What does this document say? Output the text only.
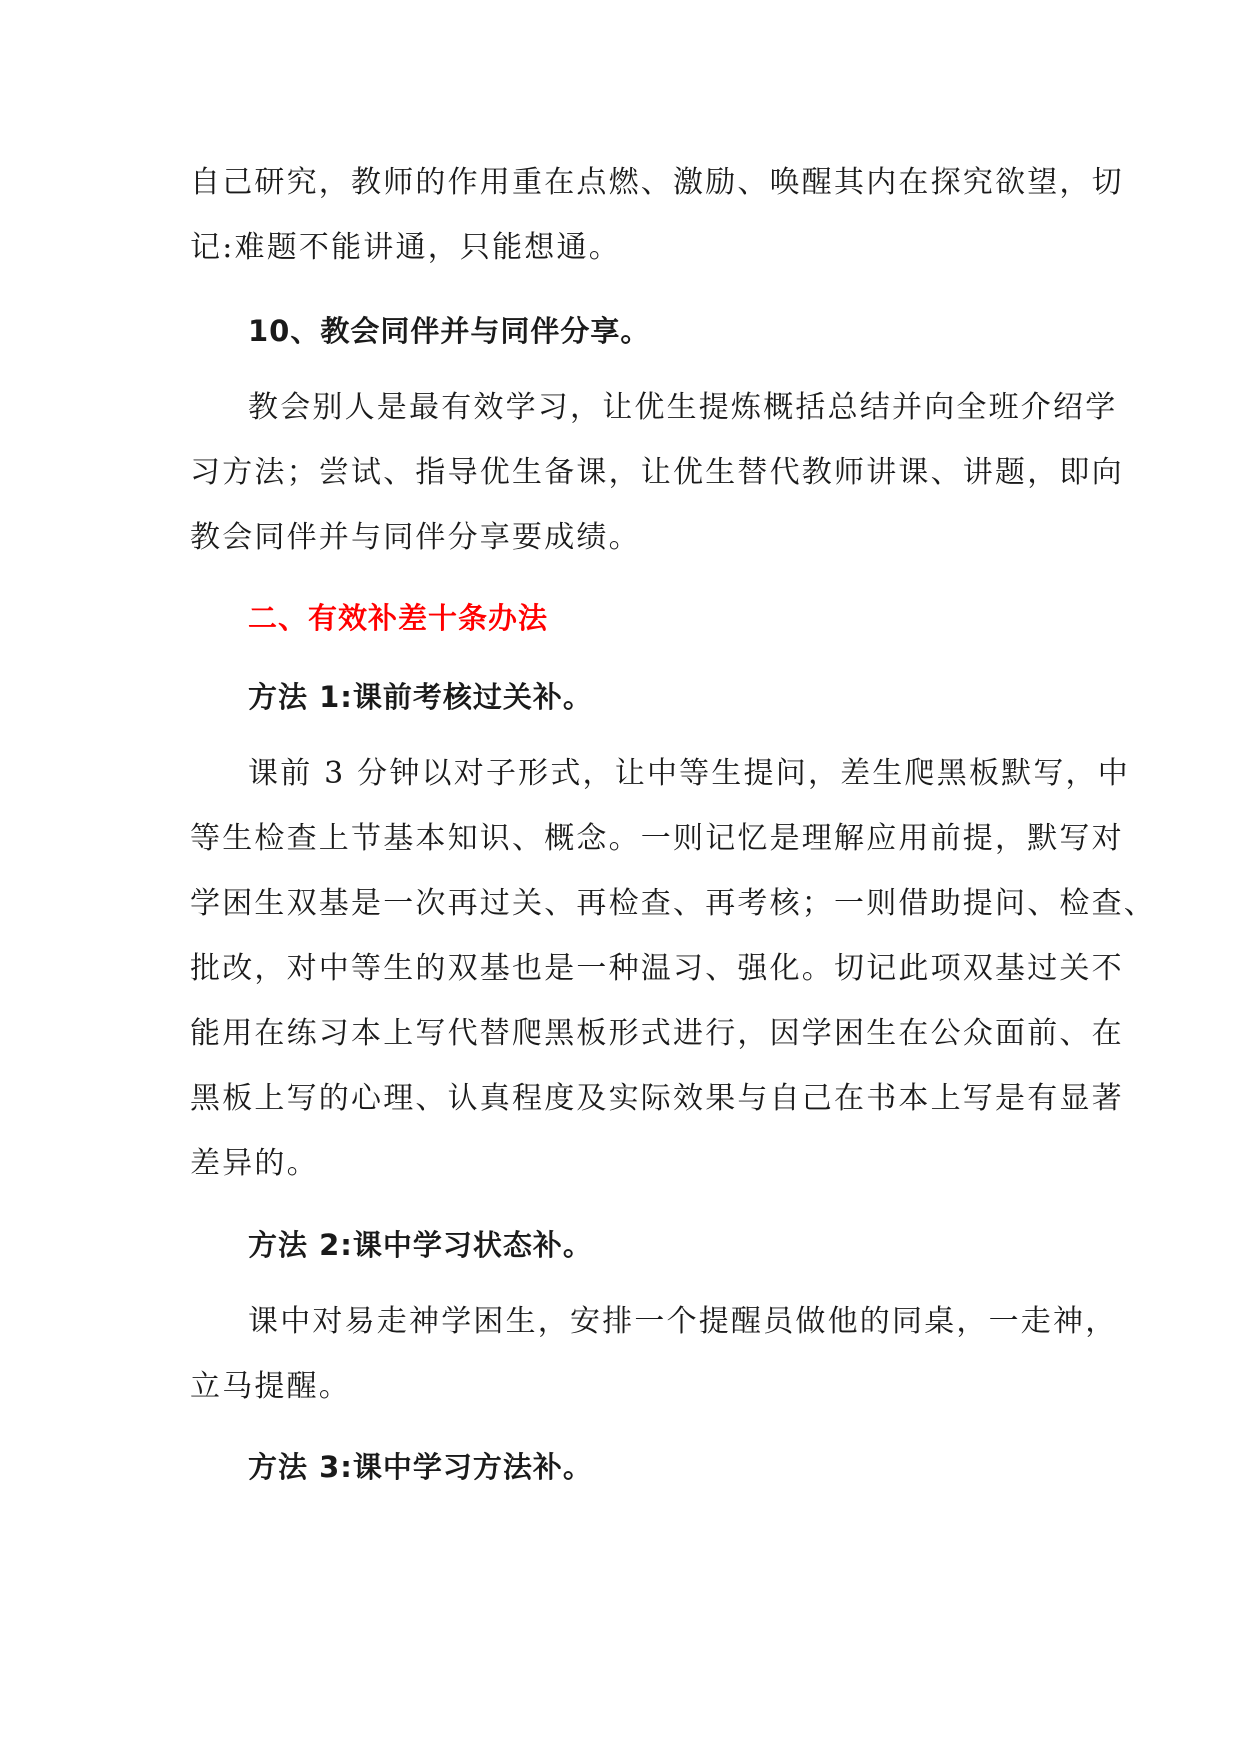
自己研究，教师的作用重在点燃、激励、唤醒其内在探究欲望，切
记:难题不能讲通，只能想通。
10、教会同伴并与同伴分享。
教会别人是最有效学习，让优生提炼概括总结并向全班介绍学
习方法；尝试、指导优生备课，让优生替代教师讲课、讲题，即向
教会同伴并与同伴分享要成绩。
二、有效补差十条办法
方法 1:课前考核过关补。
课前 3 分钟以对子形式，让中等生提问，差生爬黑板默写，中
等生检查上节基本知识、概念。一则记忆是理解应用前提，默写对
学困生双基是一次再过关、再检查、再考核；一则借助提问、检查、
批改，对中等生的双基也是一种温习、强化。切记此项双基过关不
能用在练习本上写代替爬黑板形式进行，因学困生在公众面前、在
黑板上写的心理、认真程度及实际效果与自己在书本上写是有显著
差异的。
方法 2:课中学习状态补。
课中对易走神学困生，安排一个提醒员做他的同桌，一走神，
立马提醒。
方法 3:课中学习方法补。
